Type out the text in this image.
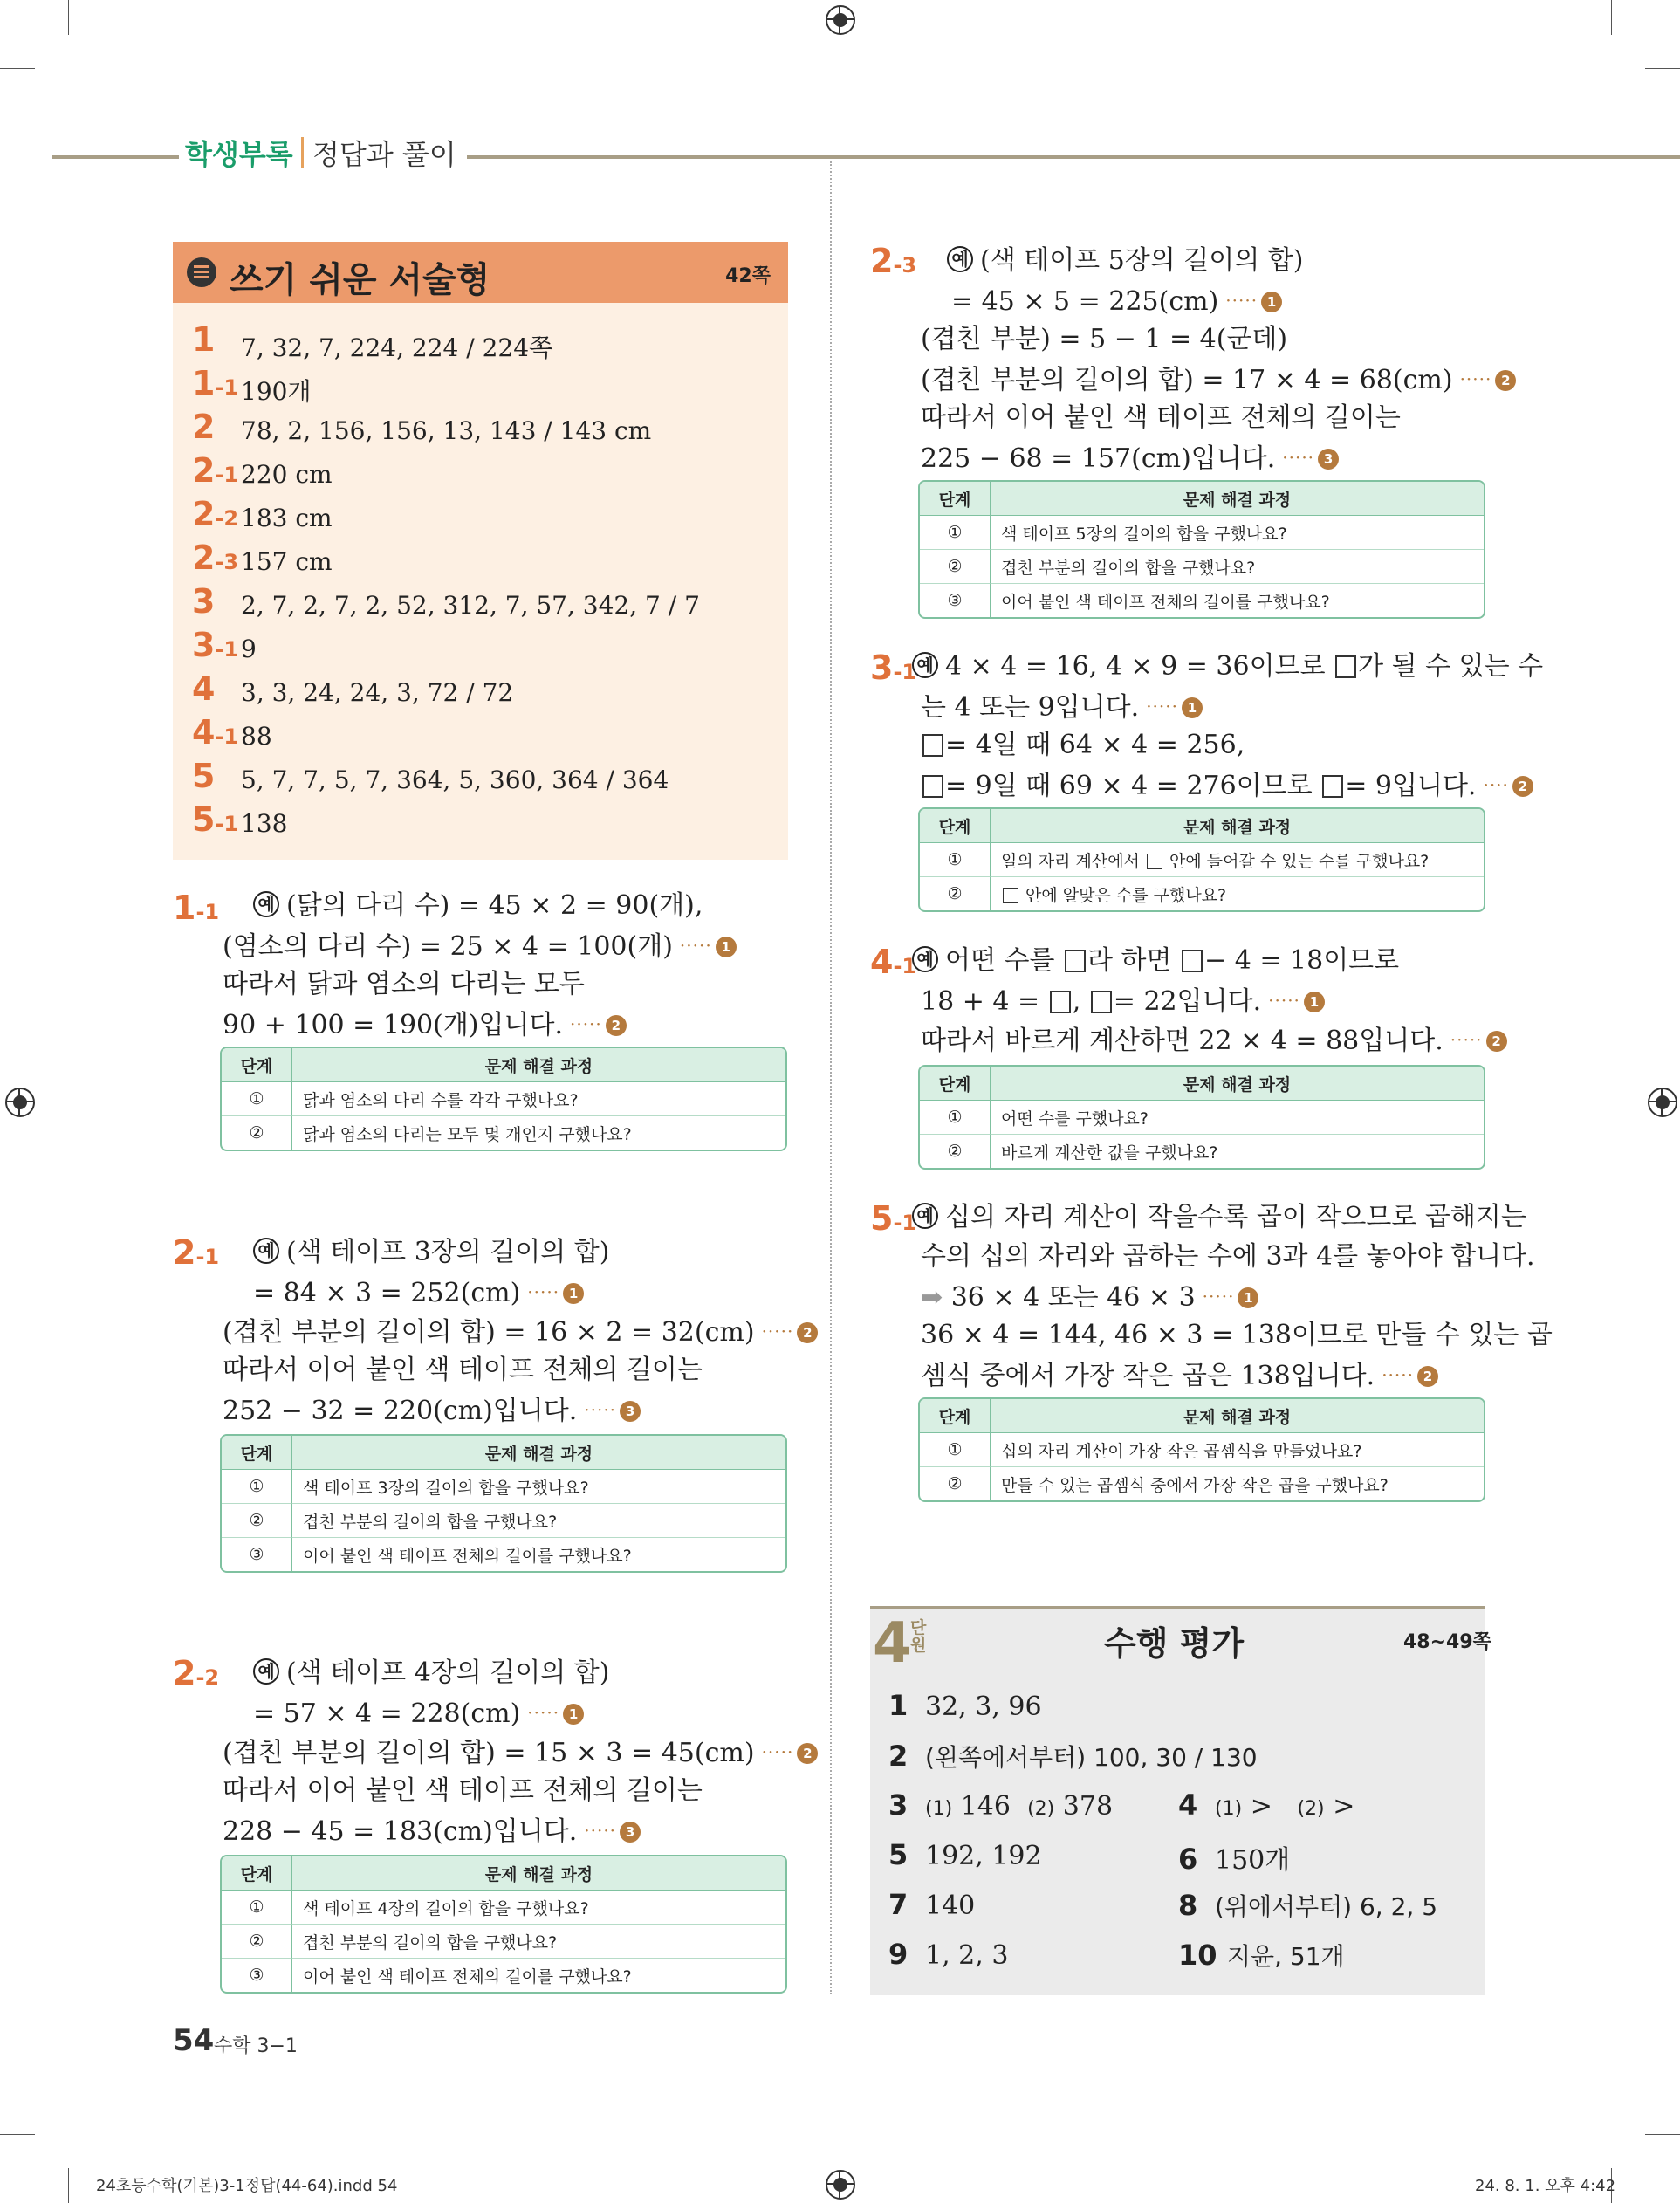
학생부록 정답과 풀이
쓰기 쉬운 서술형	42쪽
1 7, 32, 7, 224, 224 / 224쪽
1-1 190개
2 78, 2, 156, 156, 13, 143 / 143 cm
2-1 220 cm
2-2 183 cm
2-3 157 cm
3 2, 7, 2, 7, 2, 52, 312, 7, 57, 342, 7 / 7
3-1 9
4 3, 3, 24, 24, 3, 72 / 72
4-1 88
5 5, 7, 7, 5, 7, 364, 5, 360, 364 / 364
5-1 138
1-1 예 (닭의 다리 수) = 45 × 2 = 90(개),
(염소의 다리 수) = 25 × 4 = 100(개) ····· 1
따라서 닭과 염소의 다리는 모두
90 + 100 = 190(개)입니다. ····· 2
단계	문제 해결 과정
①	닭과 염소의 다리 수를 각각 구했나요?
②	닭과 염소의 다리는 모두 몇 개인지 구했나요?
2-1 예 (색 테이프 3장의 길이의 합)
= 84 × 3 = 252(cm) ····· 1
(겹친 부분의 길이의 합) = 16 × 2 = 32(cm) ····· 2
따라서 이어 붙인 색 테이프 전체의 길이는
252 − 32 = 220(cm)입니다. ····· 3
단계	문제 해결 과정
①	색 테이프 3장의 길이의 합을 구했나요?
②	겹친 부분의 길이의 합을 구했나요?
③	이어 붙인 색 테이프 전체의 길이를 구했나요?
2-2 예 (색 테이프 4장의 길이의 합)
= 57 × 4 = 228(cm) ····· 1
(겹친 부분의 길이의 합) = 15 × 3 = 45(cm) ····· 2
따라서 이어 붙인 색 테이프 전체의 길이는
228 − 45 = 183(cm)입니다. ····· 3
단계	문제 해결 과정
①	색 테이프 4장의 길이의 합을 구했나요?
②	겹친 부분의 길이의 합을 구했나요?
③	이어 붙인 색 테이프 전체의 길이를 구했나요?
2-3 예 (색 테이프 5장의 길이의 합)
= 45 × 5 = 225(cm) ····· 1
(겹친 부분) = 5 − 1 = 4(군데)
(겹친 부분의 길이의 합) = 17 × 4 = 68(cm) ····· 2
따라서 이어 붙인 색 테이프 전체의 길이는
225 − 68 = 157(cm)입니다. ····· 3
단계	문제 해결 과정
①	색 테이프 5장의 길이의 합을 구했나요?
②	겹친 부분의 길이의 합을 구했나요?
③	이어 붙인 색 테이프 전체의 길이를 구했나요?
3-1 예 4 × 4 = 16, 4 × 9 = 36이므로 가 될 수 있는 수
는 4 또는 9입니다. ····· 1
= 4일 때 64 × 4 = 256,
= 9일 때 69 × 4 = 276이므로 = 9입니다. ···· 2
단계	문제 해결 과정
①	일의 자리 계산에서 안에 들어갈 수 있는 수를 구했나요?
②	안에 알맞은 수를 구했나요?
4-1 예 어떤 수를 라 하면 − 4 = 18이므로
18 + 4 = , = 22입니다. ····· 1
따라서 바르게 계산하면 22 × 4 = 88입니다. ····· 2
단계	문제 해결 과정
①	어떤 수를 구했나요?
②	바르게 계산한 값을 구했나요?
5-1 예 십의 자리 계산이 작을수록 곱이 작으므로 곱해지는
수의 십의 자리와 곱하는 수에 3과 4를 놓아야 합니다.
➡ 36 × 4 또는 46 × 3 ····· 1
36 × 4 = 144, 46 × 3 = 138이므로 만들 수 있는 곱
셈식 중에서 가장 작은 곱은 138입니다. ····· 2
단계	문제 해결 과정
①	십의 자리 계산이 가장 작은 곱셈식을 만들었나요?
②	만들 수 있는 곱셈식 중에서 가장 작은 곱을 구했나요?
4
단원	수행 평가	48~49쪽
1 32, 3, 96
2 (왼쪽에서부터) 100, 30 / 130
3 (1) 146 (2) 378 4 (1) > (2) >
5 192, 192	6 150개
7 140	8 (위에서부터) 6, 2, 5
9 1, 2, 3	10 지윤, 51개
54 수학 3−1
24초등수학(기본)3-1정답(44-64).indd 54	24. 8. 1. 오후 4:42
